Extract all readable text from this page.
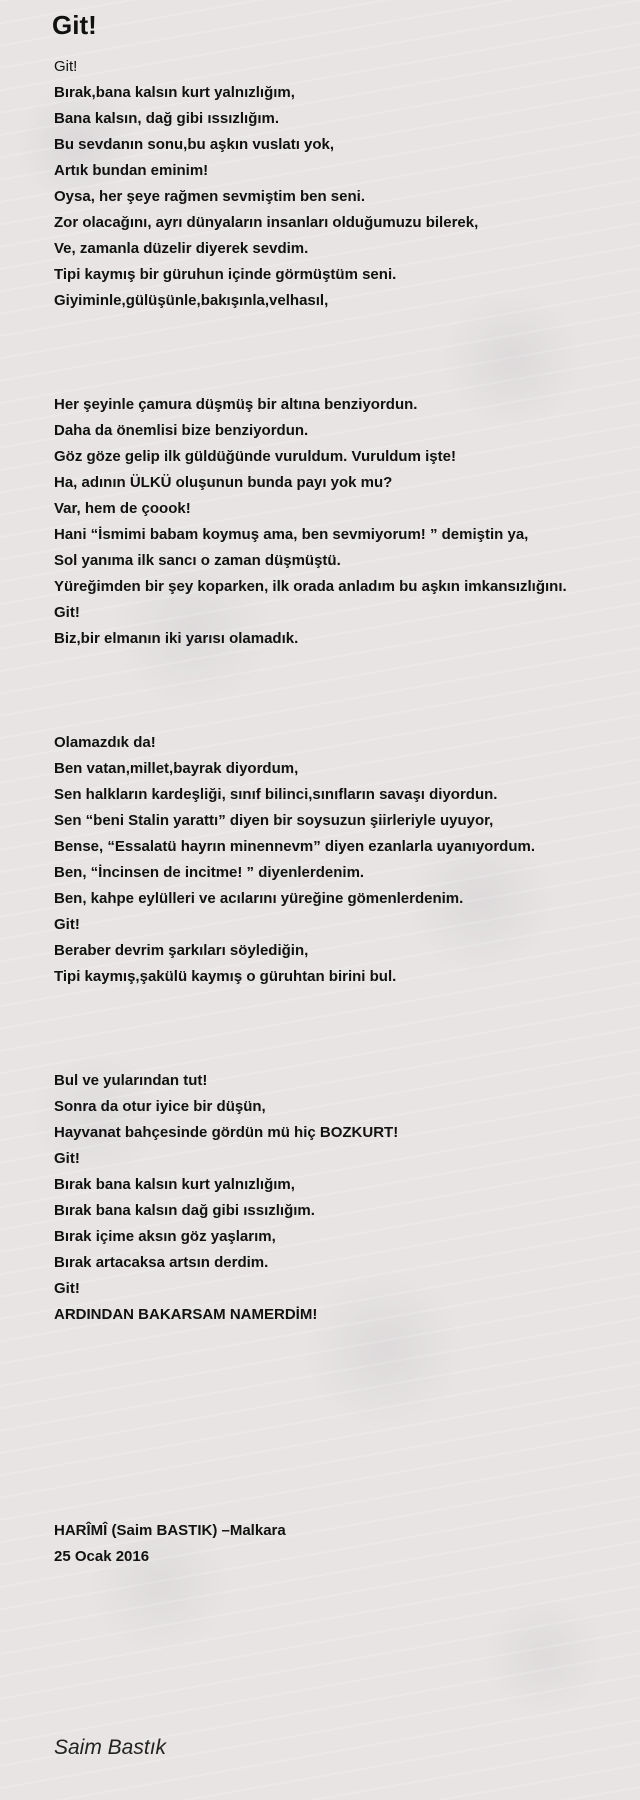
Git!
Git!
Bırak,bana kalsın kurt yalnızlığım,
Bana kalsın, dağ gibi ıssızlığım.
Bu sevdanın sonu,bu aşkın vuslatı yok,
Artık bundan eminim!
Oysa, her şeye rağmen sevmiştim ben seni.
Zor olacağını, ayrı dünyaların insanları olduğumuzu bilerek,
Ve, zamanla düzelir diyerek sevdim.
Tipi kaymış bir güruhun içinde görmüştüm seni.
Giyiminle,gülüşünle,bakışınla,velhasıl,
Her şeyinle çamura düşmüş bir altına benziyordun.
Daha da önemlisi bize benziyordun.
Göz göze gelip ilk güldüğünde vuruldum. Vuruldum işte!
Ha, adının ÜLKÜ oluşunun bunda payı yok mu?
Var, hem de çoook!
Hani “İsmimi babam koymuş ama, ben sevmiyorum! ” demiştin ya,
Sol yanıma ilk sancı o zaman düşmüştü.
Yüreğimden bir şey koparken, ilk orada anladım bu aşkın imkansızlığını.
Git!
Biz,bir elmanın iki yarısı olamadık.
Olamazdık da!
Ben vatan,millet,bayrak diyordum,
Sen halkların kardeşliği, sınıf bilinci,sınıfların savaşı diyordun.
Sen “beni Stalin yarattı” diyen bir soysuzun şiirleriyle uyuyor,
Bense, “Essalatü hayrın minennevm” diyen ezanlarla uyanıyordum.
Ben, “İncinsen de incitme! ” diyenlerdenim.
Ben, kahpe eylülleri ve acılarını yüreğine gömenlerdenim.
Git!
Beraber devrim şarkıları söylediğin,
Tipi kaymış,şakülü kaymış o güruhtan birini bul.
Bul ve yularından tut!
Sonra da otur iyice bir düşün,
Hayvanat bahçesinde gördün mü hiç BOZKURT!
Git!
Bırak bana kalsın kurt yalnızlığım,
Bırak bana kalsın dağ gibi ıssızlığım.
Bırak içime aksın göz yaşlarım,
Bırak artacaksa artsın derdim.
Git!
ARDINDAN BAKARSAM NAMERDİM!
HARÎMÎ (Saim BASTIK) –Malkara
25 Ocak 2016
Saim Bastık
